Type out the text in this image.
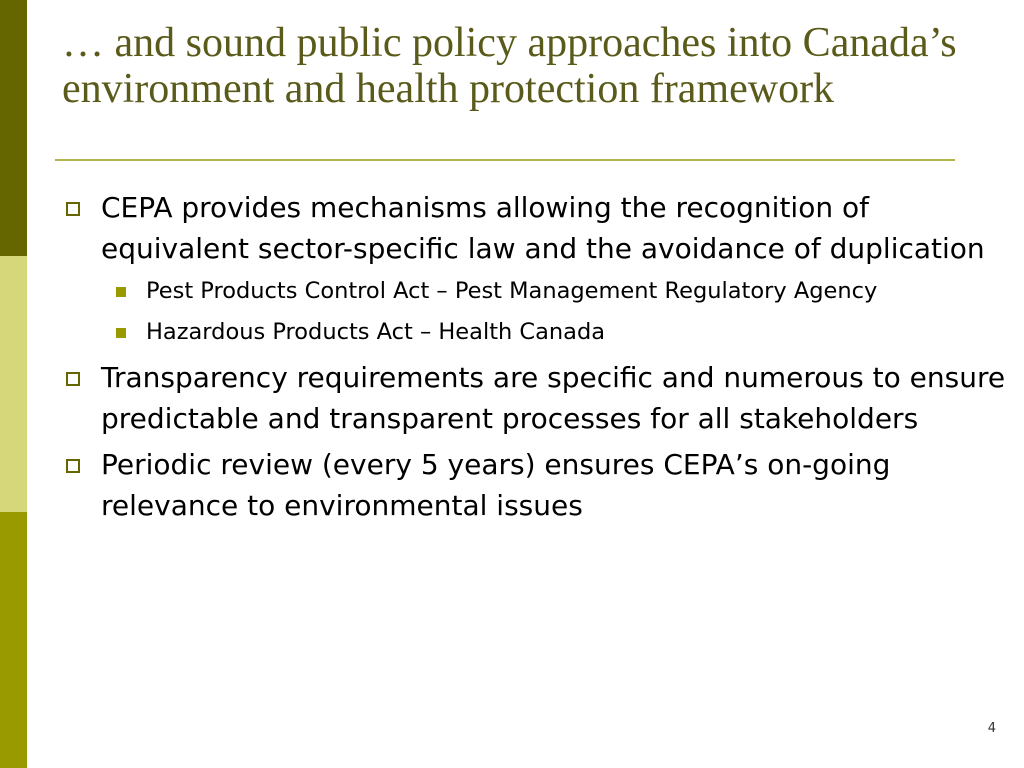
… and sound public policy approaches into Canada’s environment and health protection framework
CEPA provides mechanisms allowing the recognition of equivalent sector-specific law and the avoidance of duplication
Pest Products Control Act – Pest Management Regulatory Agency
Hazardous Products Act – Health Canada
Transparency requirements are specific and numerous to ensure predictable and transparent processes for all stakeholders
Periodic review (every 5 years) ensures CEPA’s on-going relevance to environmental issues
4
